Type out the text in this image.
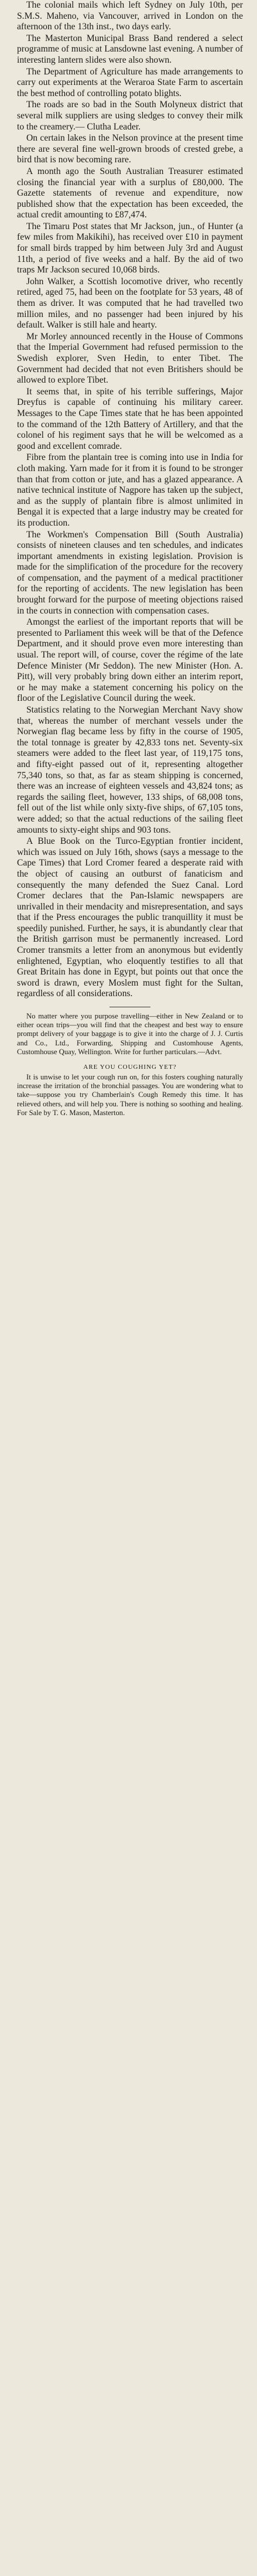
The colonial mails which left Sydney on July 10th, per S.M.S. Maheno, via Vancouver, arrived in London on the afternoon of the 13th inst., two days early.

The Masterton Municipal Brass Band rendered a select programme of music at Lansdowne last evening. A number of interesting lantern slides were also shown.

The Department of Agriculture has made arrangements to carry out experiments at the Weraroa State Farm to ascertain the best method of controlling potato blights.

The roads are so bad in the South Molyneux district that several milk suppliers are using sledges to convey their milk to the creamery.— Clutha Leader.

On certain lakes in the Nelson province at the present time there are several fine well-grown broods of crested grebe, a bird that is now becoming rare.

A month ago the South Australian Treasurer estimated closing the financial year with a surplus of £80,000. The Gazette statements of revenue and expenditure, now published show that the expectation has been exceeded, the actual credit amounting to £87,474.

The Timaru Post states that Mr Jackson, jun., of Hunter (a few miles from Makikihi), has received over £10 in payment for small birds trapped by him between July 3rd and August 11th, a period of five weeks and a half. By the aid of two traps Mr Jackson secured 10,068 birds.

John Walker, a Scottish locomotive driver, who recently retired, aged 75, had been on the footplate for 53 years, 48 of them as driver. It was computed that he had travelled two million miles, and no passenger had been injured by his default. Walker is still hale and hearty.

Mr Morley announced recently in the House of Commons that the Imperial Government had refused permission to the Swedish explorer, Sven Hedin, to enter Tibet. The Government had decided that not even Britishers should be allowed to explore Tibet.

It seems that, in spite of his terrible sufferings, Major Dreyfus is capable of continuing his military career. Messages to the Cape Times state that he has been appointed to the command of the 12th Battery of Artillery, and that the colonel of his regiment says that he will be welcomed as a good and excellent comrade.

Fibre from the plantain tree is coming into use in India for cloth making. Yarn made for it from it is found to be stronger than that from cotton or jute, and has a glazed appearance. A native technical institute of Nagpore has taken up the subject, and as the supply of plantain fibre is almost unlimited in Bengal it is expected that a large industry may be created for its production.

The Workmen's Compensation Bill (South Australia) consists of nineteen clauses and ten schedules, and indicates important amendments in existing legislation. Provision is made for the simplification of the procedure for the recovery of compensation, and the payment of a medical practitioner for the reporting of accidents. The new legislation has been brought forward for the purpose of meeting objections raised in the courts in connection with compensation cases.

Amongst the earliest of the important reports that will be presented to Parliament this week will be that of the Defence Department, and it should prove even more interesting than usual. The report will, of course, cover the régime of the late Defence Minister (Mr Seddon). The new Minister (Hon. A. Pitt), will very probably bring down either an interim report, or he may make a statement concerning his policy on the floor of the Legislative Council during the week.

Statistics relating to the Norwegian Merchant Navy show that, whereas the number of merchant vessels under the Norwegian flag became less by fifty in the course of 1905, the total tonnage is greater by 42,833 tons net. Seventy-six steamers were added to the fleet last year, of 119,175 tons, and fifty-eight passed out of it, representing altogether 75,340 tons, so that, as far as steam shipping is concerned, there was an increase of eighteen vessels and 43,824 tons; as regards the sailing fleet, however, 133 ships, of 68,008 tons, fell out of the list while only sixty-five ships, of 67,105 tons, were added; so that the actual reductions of the sailing fleet amounts to sixty-eight ships and 903 tons.

A Blue Book on the Turco-Egyptian frontier incident, which was issued on July 16th, shows (says a message to the Cape Times) that Lord Cromer feared a desperate raid with the object of causing an outburst of fanaticism and consequently the many defended the Suez Canal. Lord Cromer declares that the Pan-Islamic newspapers are unrivalled in their mendacity and misrepresentation, and says that if the Press encourages the public tranquillity it must be speedily punished. Further, he says, it is abundantly clear that the British garrison must be permanently increased. Lord Cromer transmits a letter from an anonymous but evidently enlightened, Egyptian, who eloquently testifies to all that Great Britain has done in Egypt, but points out that once the sword is drawn, every Moslem must fight for the Sultan, regardless of all considerations.

No matter where you purpose travelling—either in New Zealand or to either ocean trips—you will find that the cheapest and best way to ensure prompt delivery of your baggage is to give it into the charge of J. J. Curtis and Co., Ltd., Forwarding, Shipping and Customhouse Agents, Customhouse Quay, Wellington. Write for further particulars.—Advt.

ARE YOU COUGHING YET?

It is unwise to let your cough run on, for this fosters coughing naturally increase the irritation of the bronchial passages. You are wondering what to take—suppose you try Chamberlain's Cough Remedy this time. It has relieved others, and will help you. There is nothing so soothing and healing. For Sale by T. G. Mason, Masterton.
